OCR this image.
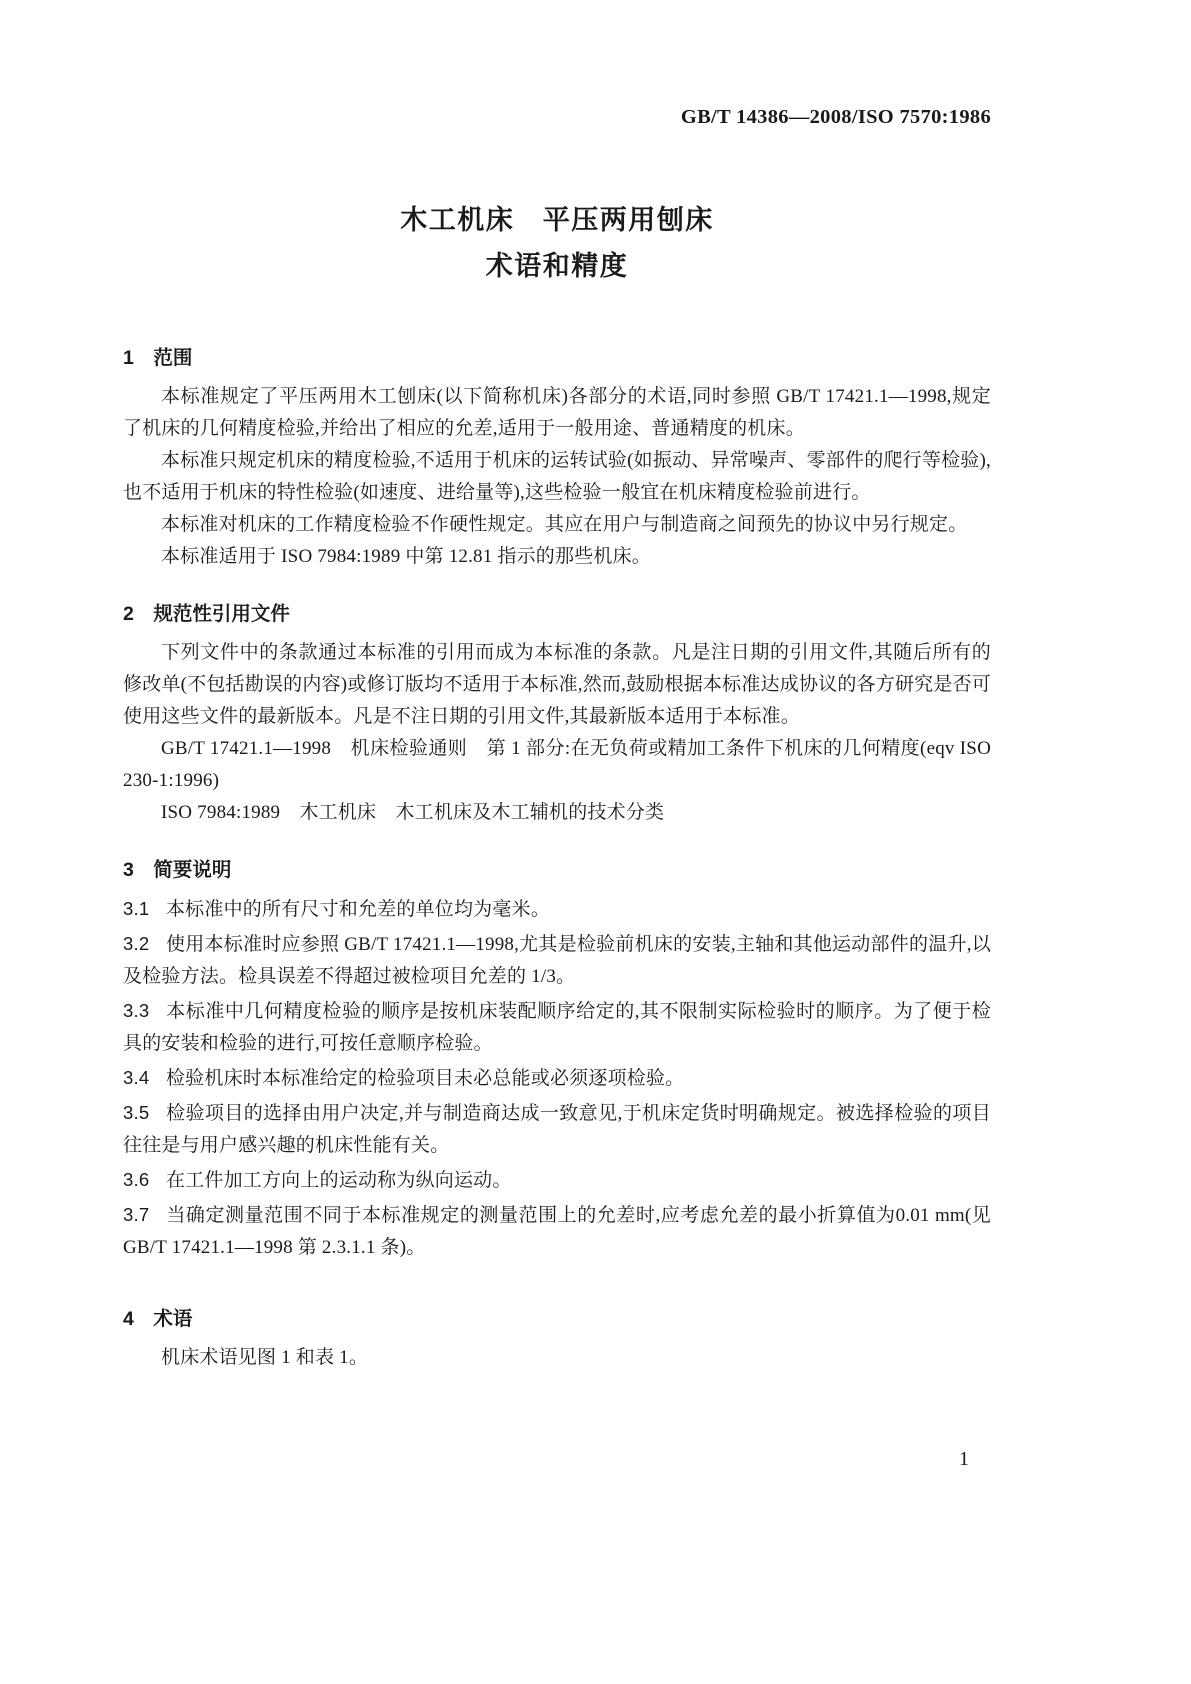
GB/T 14386—2008/ISO 7570:1986
木工机床　平压两用刨床
术语和精度
1 范围

本标准规定了平压两用木工刨床(以下简称机床)各部分的术语,同时参照 GB/T 17421.1—1998,规定了机床的几何精度检验,并给出了相应的允差,适用于一般用途、普通精度的机床。

本标准只规定机床的精度检验,不适用于机床的运转试验(如振动、异常噪声、零部件的爬行等检验),也不适用于机床的特性检验(如速度、进给量等),这些检验一般宜在机床精度检验前进行。

本标准对机床的工作精度检验不作硬性规定。其应在用户与制造商之间预先的协议中另行规定。

本标准适用于 ISO 7984:1989 中第 12.81 指示的那些机床。

2 规范性引用文件

下列文件中的条款通过本标准的引用而成为本标准的条款。凡是注日期的引用文件,其随后所有的修改单(不包括勘误的内容)或修订版均不适用于本标准,然而,鼓励根据本标准达成协议的各方研究是否可使用这些文件的最新版本。凡是不注日期的引用文件,其最新版本适用于本标准。

GB/T 17421.1—1998　机床检验通则　第 1 部分:在无负荷或精加工条件下机床的几何精度(eqv ISO 230-1:1996)

ISO 7984:1989　木工机床　木工机床及木工辅机的技术分类

3 简要说明
3.1 本标准中的所有尺寸和允差的单位均为毫米。
3.2 使用本标准时应参照 GB/T 17421.1—1998,尤其是检验前机床的安装,主轴和其他运动部件的温升,以及检验方法。检具误差不得超过被检项目允差的 1/3。
3.3 本标准中几何精度检验的顺序是按机床装配顺序给定的,其不限制实际检验时的顺序。为了便于检具的安装和检验的进行,可按任意顺序检验。
3.4 检验机床时本标准给定的检验项目未必总能或必须逐项检验。
3.5 检验项目的选择由用户决定,并与制造商达成一致意见,于机床定货时明确规定。被选择检验的项目往往是与用户感兴趣的机床性能有关。
3.6 在工件加工方向上的运动称为纵向运动。
3.7 当确定测量范围不同于本标准规定的测量范围上的允差时,应考虑允差的最小折算值为0.01 mm(见 GB/T 17421.1—1998 第 2.3.1.1 条)。
4 术语

机床术语见图 1 和表 1。

1
